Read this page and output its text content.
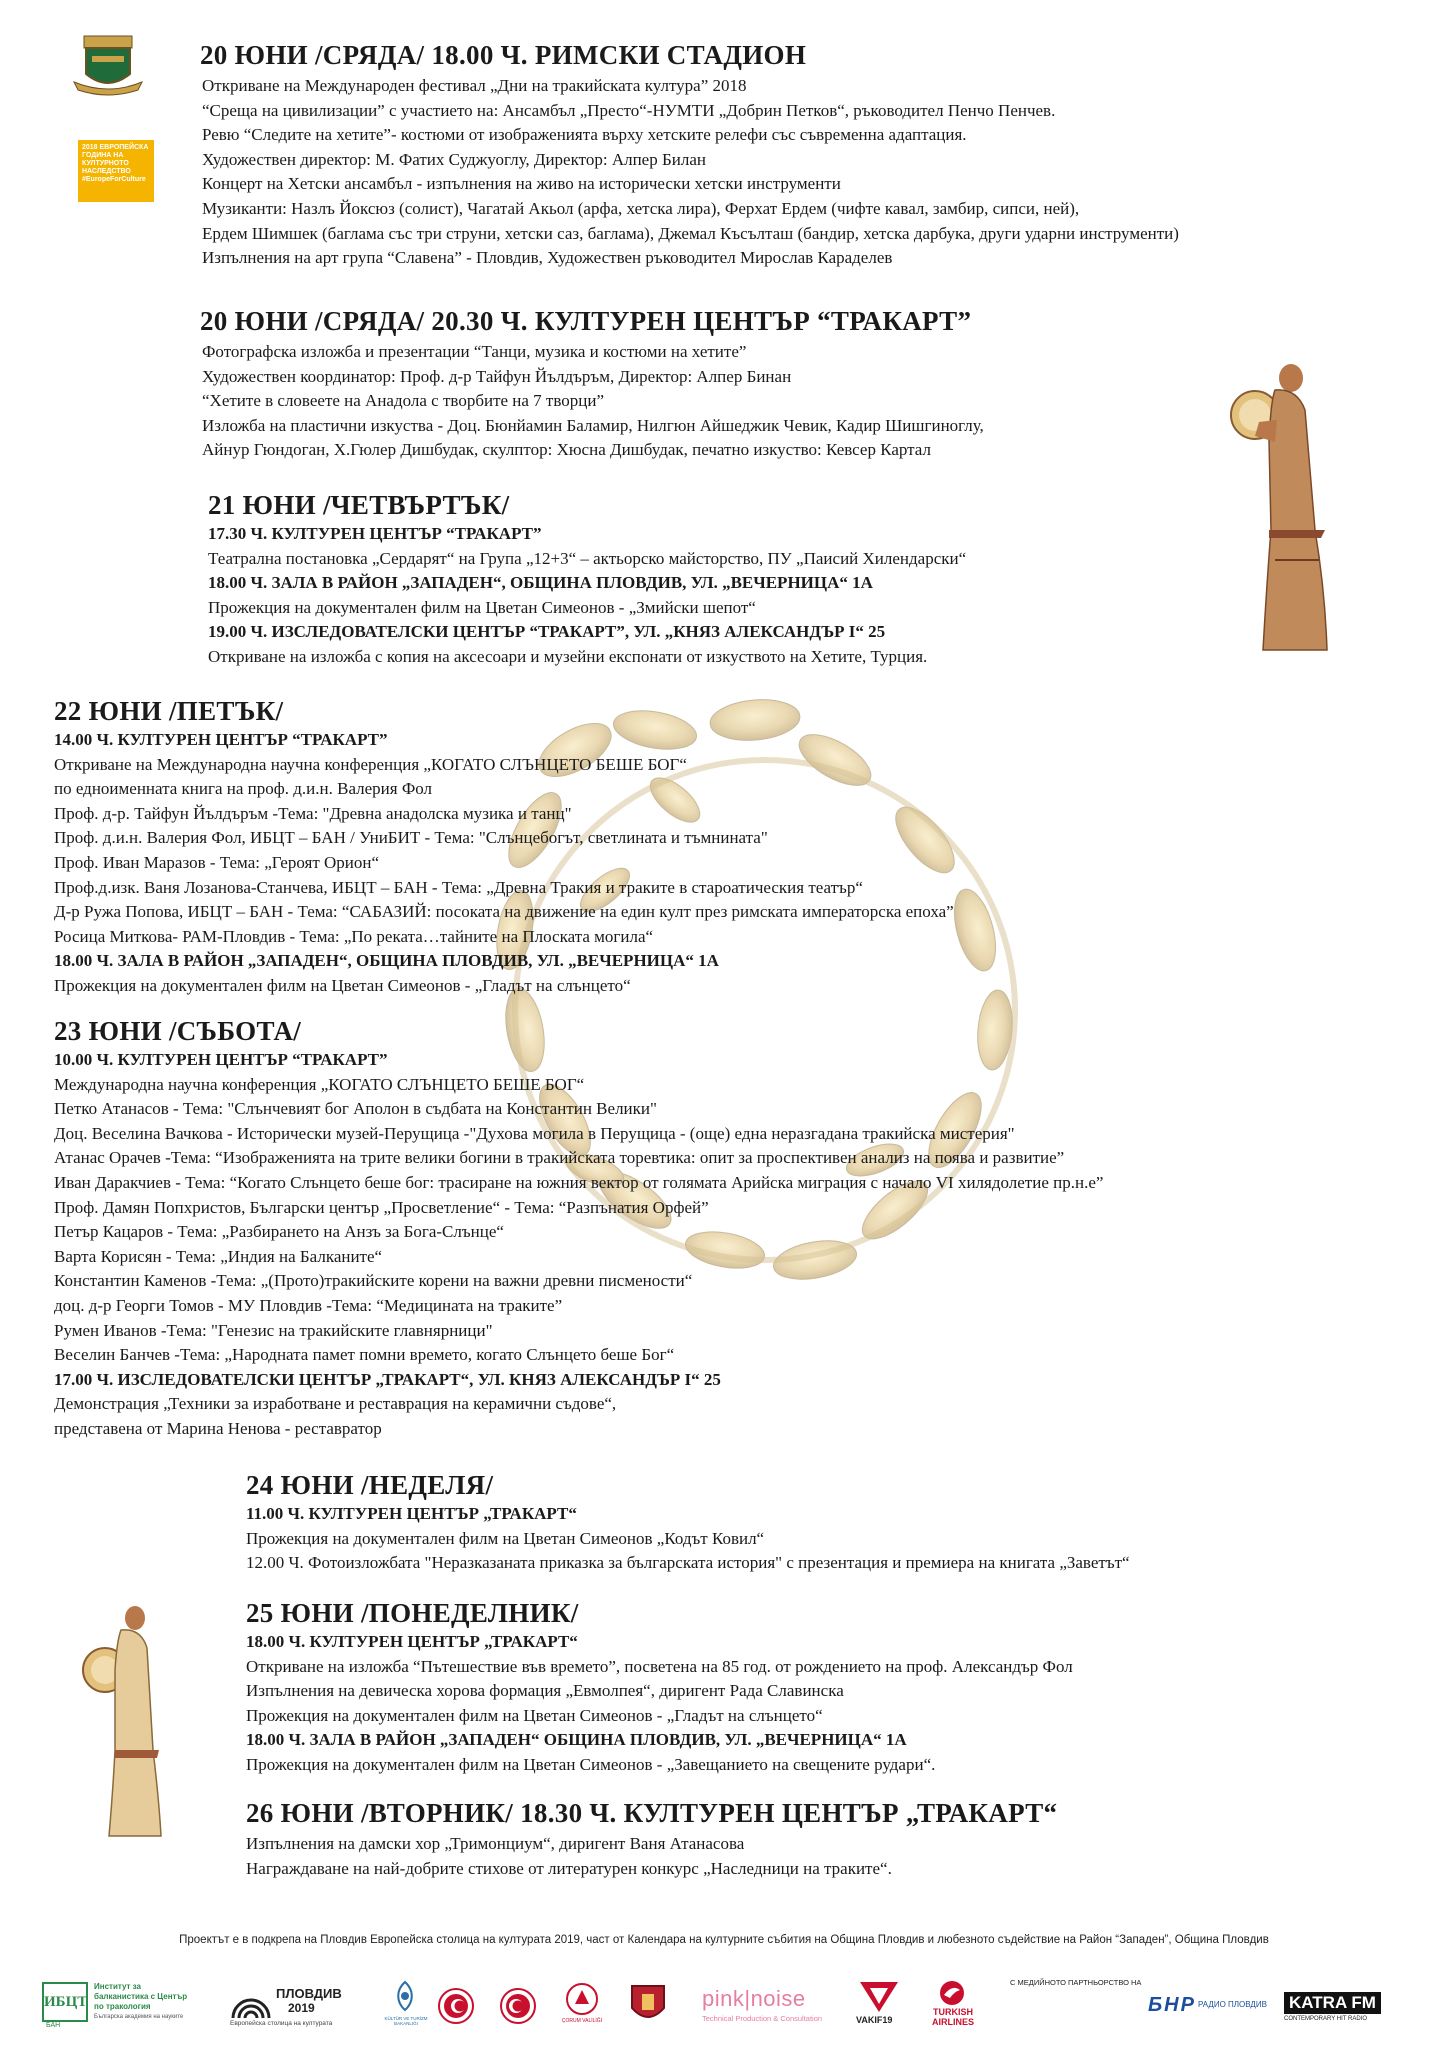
2018 ЕВРОПЕЙСКА ГОДИНА НА КУЛТУРНОТО НАСЛЕДСТВО #EuropeForCulture
20 ЮНИ /СРЯДА/ 18.00 Ч. РИМСКИ СТАДИОН
Откриване на Международен фестивал „Дни на тракийската култура” 2018
“Среща на цивилизации” с участието на: Ансамбъл „Престо“-НУМТИ „Добрин Петков“, ръководител Пенчо Пенчев.
Ревю “Следите на хетите”- костюми от изображенията върху хетските релефи със съвременна адаптация.
Художествен директор: М. Фатих Суджуоглу, Директор: Алпер Билан
Концерт на Хетски ансамбъл - изпълнения на живо на исторически хетски инструменти
Музиканти: Назлъ Йоксюз (солист), Чагатай Акьол (арфа, хетска лира), Ферхат Ердем (чифте кавал, замбир, сипси, ней),
Ердем Шимшек (баглама със три струни, хетски саз, баглама), Джемал Късълташ (бандир, хетска дарбука, други ударни инструменти)
Изпълнения на арт група “Славена” - Пловдив, Художествен ръководител Мирослав Караделев
20 ЮНИ /СРЯДА/ 20.30 Ч. КУЛТУРЕН ЦЕНТЪР “ТРАКАРТ”
Фотографска изложба и презентации “Танци, музика и костюми на хетите”
Художествен координатор: Проф. д-р Тайфун Йълдъръм, Директор: Алпер Бинан
“Хетите в словеете на Анадола с творбите на 7 творци”
Изложба на пластични изкуства - Доц. Бюнйамин Баламир, Нилгюн Айшеджик Чевик, Кадир Шишгиноглу,
Айнур Гюндоган, Х.Гюлер Дишбудак, скулптор: Хюсна Дишбудак, печатно изкуство: Кевсер Картал
21 ЮНИ /ЧЕТВЪРТЪК/
17.30 Ч. КУЛТУРЕН ЦЕНТЪР “ТРАКАРТ”
Театрална постановка „Сердарят“ на Група „12+3“ – актьорско майсторство, ПУ „Паисий Хилендарски“
18.00 Ч. ЗАЛА В РАЙОН „ЗАПАДЕН“, ОБЩИНА ПЛОВДИВ, УЛ. „ВЕЧЕРНИЦА“ 1А
Прожекция на документален филм на Цветан Симеонов - „Змийски шепот“
19.00 Ч. ИЗСЛЕДОВАТЕЛСКИ ЦЕНТЪР “ТРАКАРТ”, УЛ. „КНЯЗ АЛЕКСАНДЪР I“ 25
Откриване на изложба с копия на аксесоари и музейни експонати от изкуството на Хетите, Турция.
22 ЮНИ /ПЕТЪК/
14.00 Ч. КУЛТУРЕН ЦЕНТЪР “ТРАКАРТ”
Откриване на Международна научна конференция „КОГАТО СЛЪНЦЕТО БЕШЕ БОГ“
по едноименната книга на проф. д.и.н. Валерия Фол
Проф. д-р. Тайфун Йълдъръм -Тема: "Древна анадолска музика и танц"
Проф. д.и.н. Валерия Фол, ИБЦТ – БАН / УниБИТ - Тема: "Слънцебогът, светлината и тъмнината"
Проф. Иван Маразов - Тема: „Героят Орион“
Проф.д.изк. Ваня Лозанова-Станчева, ИБЦТ – БАН - Тема: „Древна Тракия и траките в староатическия театър“
Д-р Ружа Попова, ИБЦТ – БАН - Тема: “САБАЗИЙ: посоката на движение на един култ през римската императорска епоха”
Росица Миткова- РАМ-Пловдив - Тема: „По реката…тайните на Плоската могила“
18.00 Ч. ЗАЛА В РАЙОН „ЗАПАДЕН“, ОБЩИНА ПЛОВДИВ, УЛ. „ВЕЧЕРНИЦА“ 1А
Прожекция на документален филм на Цветан Симеонов - „Гладът на слънцето“
23 ЮНИ /СЪБОТА/
10.00 Ч. КУЛТУРЕН ЦЕНТЪР “ТРАКАРТ”
Международна научна конференция „КОГАТО СЛЪНЦЕТО БЕШЕ БОГ“
Петко Атанасов - Тема: "Слънчевият бог Аполон в съдбата на Константин Велики"
Доц. Веселина Вачкова - Исторически музей-Перущица -"Духова могила в Перущица - (още) една неразгадана тракийска мистерия"
Атанас Орачев -Тема: “Изображенията на трите велики богини в тракийската торевтика: опит за проспективен анализ на поява и развитие”
Иван Даракчиев - Тема: “Когато Слънцето беше бог: трасиране на южния вектор от голямата Арийска миграция с начало VI хилядолетие пр.н.е”
Проф. Дамян Попхристов, Български център „Просветление“ - Тема: “Разпънатия Орфей”
Петър Кацаров - Тема: „Разбирането на Анзъ за Бога-Слънце“
Варта Корисян - Тема: „Индия на Балканите“
Константин Каменов -Тема: „(Прото)тракийските корени на важни древни писмености“
доц. д-р Георги Томов - МУ Пловдив -Тема: “Медицината на траките”
Румен Иванов -Тема: "Генезис на тракийските главнярници"
Веселин Банчев -Тема: „Народната памет помни времето, когато Слънцето беше Бог“
17.00 Ч. ИЗСЛЕДОВАТЕЛСКИ ЦЕНТЪР „ТРАКАРТ“, УЛ. КНЯЗ АЛЕКСАНДЪР I“ 25
Демонстрация „Техники за изработване и реставрация на керамични съдове“,
представена от Марина Ненова - реставратор
24 ЮНИ /НЕДЕЛЯ/
11.00 Ч. КУЛТУРЕН ЦЕНТЪР „ТРАКАРТ“
Прожекция на документален филм на Цветан Симеонов „Кодът Ковил“
12.00 Ч. Фотоизложбата "Неразказаната приказка за българската история" с презентация и премиера на книгата „Заветът“
25 ЮНИ /ПОНЕДЕЛНИК/
18.00 Ч. КУЛТУРЕН ЦЕНТЪР „ТРАКАРТ“
Откриване на изложба “Пътешествие във времето”, посветена на 85 год. от рождението на проф. Александър Фол
Изпълнения на девическа хорова формация „Евмолпея“, диригент Рада Славинска
Прожекция на документален филм на Цветан Симеонов - „Гладът на слънцето“
18.00 Ч. ЗАЛА В РАЙОН „ЗАПАДЕН“ ОБЩИНА ПЛОВДИВ, УЛ. „ВЕЧЕРНИЦА“ 1А
Прожекция на документален филм на Цветан Симеонов - „Завещанието на свещените рудари“.
26 ЮНИ /ВТОРНИК/ 18.30 Ч. КУЛТУРЕН ЦЕНТЪР „ТРАКАРТ“
Изпълнения на дамски хор „Тримонциум“, диригент Ваня Атанасова
Награждаване на най-добрите стихове от литературен конкурс „Наследници на траките“.
Проектът е в подкрепа на Пловдив Европейска столица на културата 2019, част от Календара на културните събития на Община Пловдив и любезното съдействие на Район “Западен”, Община Пловдив
ИБЦТ
Институт за балканистика с Център по тракология
Българска академия на науките
БАН
ПЛОВДИВ
2019
Европейска столица на културата
KÜLTÜR VE TURİZM BAKANLIĞI	ÇORUM VALİLİĞİ
pink|noise
Technical Production & Consultation	VAKIF19
TURKISH
AIRLINES
С МЕДИЙНОТО ПАРТНЬОРСТВО НА
БНР РАДИО ПЛОВДИВ KATRA FM
CONTEMPORARY HIT RADIO
